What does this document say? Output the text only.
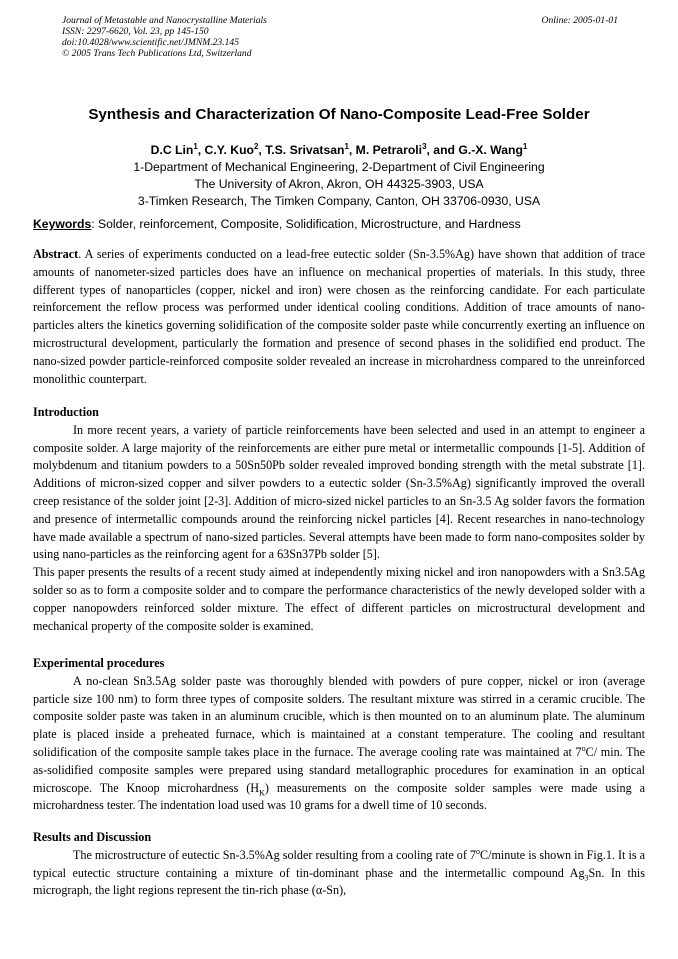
Journal of Metastable and Nanocrystalline Materials
ISSN: 2297-6620, Vol. 23, pp 145-150
doi:10.4028/www.scientific.net/JMNM.23.145
© 2005 Trans Tech Publications Ltd, Switzerland
Online: 2005-01-01
Synthesis and Characterization Of Nano-Composite Lead-Free Solder
D.C Lin$^1$, C.Y. Kuo$^2$, T.S. Srivatsan$^1$, M. Petraroli$^3$, and G.-X. Wang$^1$
1-Department of Mechanical Engineering, 2-Department of Civil Engineering
The University of Akron, Akron, OH 44325-3903, USA
3-Timken Research, The Timken Company, Canton, OH 33706-0930, USA
Keywords: Solder, reinforcement, Composite, Solidification, Microstructure, and Hardness

Abstract. A series of experiments conducted on a lead-free eutectic solder (Sn-3.5%Ag) have shown that addition of trace amounts of nanometer-sized particles does have an influence on mechanical properties of materials. In this study, three different types of nanoparticles (copper, nickel and iron) were chosen as the reinforcing candidate. For each particulate reinforcement the reflow process was performed under identical cooling conditions. Addition of trace amounts of nano-particles alters the kinetics governing solidification of the composite solder paste while concurrently exerting an influence on microstructural development, particularly the formation and presence of second phases in the solidified end product. The nano-sized powder particle-reinforced composite solder revealed an increase in microhardness compared to the unreinforced monolithic counterpart.

Introduction

In more recent years, a variety of particle reinforcements have been selected and used in an attempt to engineer a composite solder. A large majority of the reinforcements are either pure metal or intermetallic compounds [1-5]. Addition of molybdenum and titanium powders to a 50Sn50Pb solder revealed improved bonding strength with the metal substrate [1]. Additions of micron-sized copper and silver powders to a eutectic solder (Sn-3.5%Ag) significantly improved the overall creep resistance of the solder joint [2-3]. Addition of micro-sized nickel particles to an Sn-3.5 Ag solder favors the formation and presence of intermetallic compounds around the reinforcing nickel particles [4]. Recent researches in nano-technology have made available a spectrum of nano-sized particles. Several attempts have been made to form nano-composites solder by using nano-particles as the reinforcing agent for a 63Sn37Pb solder [5].

This paper presents the results of a recent study aimed at independently mixing nickel and iron nanopowders with a Sn3.5Ag solder so as to form a composite solder and to compare the performance characteristics of the newly developed solder with a copper nanopowders reinforced solder mixture. The effect of different particles on microstructural development and mechanical property of the composite solder is examined.

Experimental procedures

A no-clean Sn3.5Ag solder paste was thoroughly blended with powders of pure copper, nickel or iron (average particle size 100 nm) to form three types of composite solders. The resultant mixture was stirred in a ceramic crucible. The composite solder paste was taken in an aluminum crucible, which is then mounted on to an aluminum plate. The aluminum plate is placed inside a preheated furnace, which is maintained at a constant temperature. The cooling and resultant solidification of the composite sample takes place in the furnace. The average cooling rate was maintained at 7$^o$C/ min. The as-solidified composite samples were prepared using standard metallographic procedures for examination in an optical microscope. The Knoop microhardness $(H_K)$ measurements on the composite solder samples were made using a microhardness tester. The indentation load used was 10 grams for a dwell time of 10 seconds.

Results and Discussion

The microstructure of eutectic Sn-3.5%Ag solder resulting from a cooling rate of 7$^o$C/minute is shown in Fig.1. It is a typical eutectic structure containing a mixture of tin-dominant phase and the intermetallic compound $Ag_3Sn$. In this micrograph, the light regions represent the tin-rich phase (α-Sn),
